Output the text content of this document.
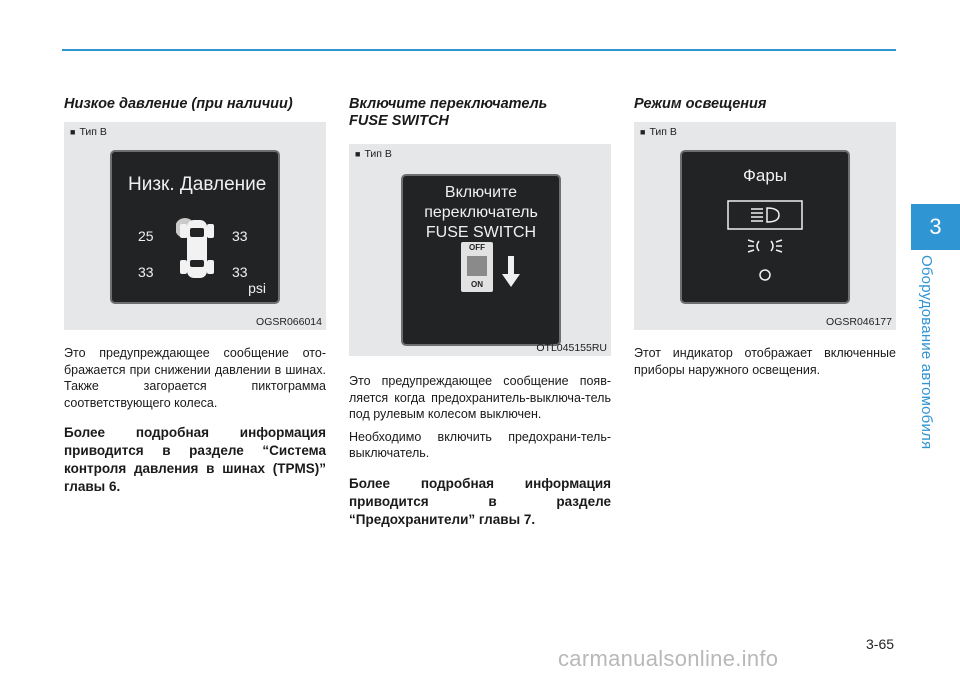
3
Оборудование автомобиля
Низкое давление (при наличии)
■ Тип B
Низк. Давление
25	33
33	33
psi
OGSR066014
Это предупреждающее сообщение ото-бражается при снижении давлении в шинах. Также загорается пиктограмма соответствующего колеса.
Более подробная информация приводится в разделе “Система контроля давления в шинах (TPMS)” главы 6.
Включите переключатель
FUSE SWITCH
■ Тип B
Включите
переключатель
FUSE SWITCH
OFF
ON
OTL045155RU
Это предупреждающее сообщение появ-ляется когда предохранитель-выключа-тель под рулевым колесом выключен.
Необходимо включить предохрани-тель-выключатель.
Более подробная информация приводится в разделе “Предохранители” главы 7.
Режим освещения
■ Тип B
Фары
OGSR046177
Этот индикатор отображает включенные приборы наружного освещения.
3-65
carmanualsonline.info
